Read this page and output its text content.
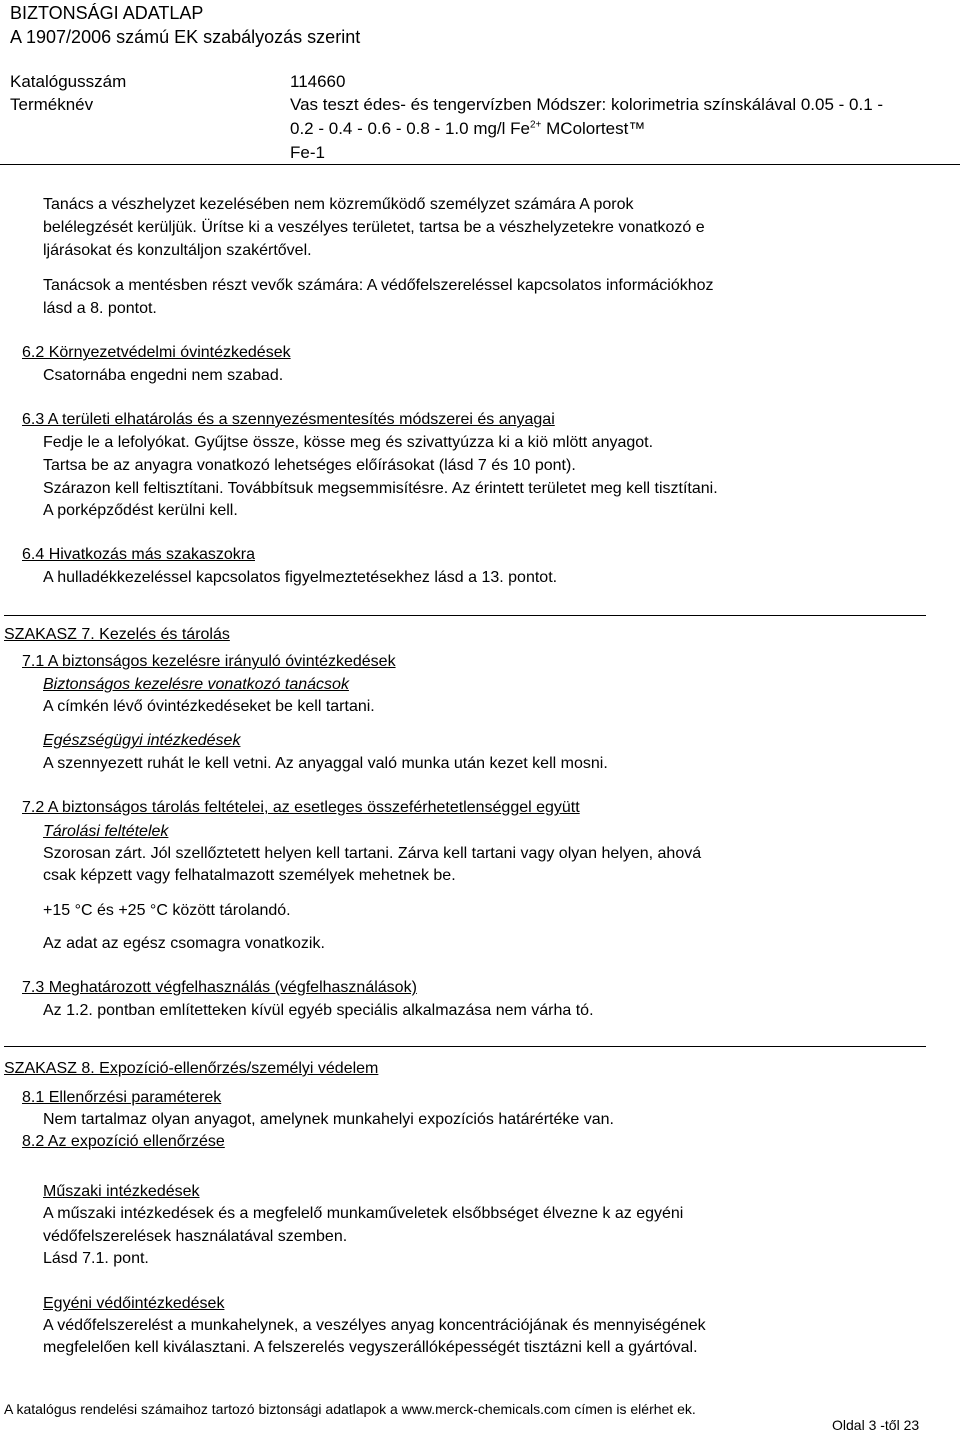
BIZTONSÁGI ADATLAP
A 1907/2006 számú EK szabályozás szerint
Katalógusszám	114660
Terméknév	Vas teszt édes- és tengervízben Módszer: kolorimetria színskálával 0.05 - 0.1 -
0.2 - 0.4 - 0.6 - 0.8 - 1.0 mg/l $Fe^{2+}$ MColortest™
Fe-1
Tanács a vészhelyzet kezelésében nem közreműködő személyzet számára A porok
belélegzését kerüljük. Ürítse ki a veszélyes területet, tartsa be a vészhelyzetekre vonatkozó e
ljárásokat és konzultáljon szakértővel.
Tanácsok a mentésben részt vevők számára: A védőfelszereléssel kapcsolatos információkhoz
lásd a 8. pontot.
6.2 Környezetvédelmi óvintézkedések
Csatornába engedni nem szabad.
6.3 A területi elhatárolás és a szennyezésmentesítés módszerei és anyagai
Fedje le a lefolyókat. Gyűjtse össze, kösse meg és szivattyúzza ki a kiö mlött anyagot.
Tartsa be az anyagra vonatkozó lehetséges előírásokat (lásd 7 és 10 pont).
Szárazon kell feltisztítani. Továbbítsuk megsemmisítésre. Az érintett területet meg kell tisztítani.
A porképződést kerülni kell.
6.4 Hivatkozás más szakaszokra
A hulladékkezeléssel kapcsolatos figyelmeztetésekhez lásd a 13. pontot.
SZAKASZ 7. Kezelés és tárolás
7.1 A biztonságos kezelésre irányuló óvintézkedések
Biztonságos kezelésre vonatkozó tanácsok
A címkén lévő óvintézkedéseket be kell tartani.
Egészségügyi intézkedések
A szennyezett ruhát le kell vetni. Az anyaggal való munka után kezet kell mosni.
7.2 A biztonságos tárolás feltételei, az esetleges összeférhetetlenséggel együtt
Tárolási feltételek
Szorosan zárt. Jól szellőztetett helyen kell tartani. Zárva kell tartani vagy olyan helyen, ahová
csak képzett vagy felhatalmazott személyek mehetnek be.
+15 °C és +25 °C között tárolandó.
Az adat az egész csomagra vonatkozik.
7.3 Meghatározott végfelhasználás (végfelhasználások)
Az 1.2. pontban említetteken kívül egyéb speciális alkalmazása nem várha tó.
SZAKASZ 8. Expozíció-ellenőrzés/személyi védelem
8.1 Ellenőrzési paraméterek
Nem tartalmaz olyan anyagot, amelynek munkahelyi expozíciós határértéke van.
8.2 Az expozíció ellenőrzése
Műszaki intézkedések
A műszaki intézkedések és a megfelelő munkaműveletek elsőbbséget élvezne k az egyéni
védőfelszerelések használatával szemben.
Lásd 7.1. pont.
Egyéni védőintézkedések
A védőfelszerelést a munkahelynek, a veszélyes anyag koncentrációjának és mennyiségének
megfelelően kell kiválasztani. A felszerelés vegyszerállóképességét tisztázni kell a gyártóval.
A katalógus rendelési számaihoz tartozó biztonsági adatlapok a www.merck-chemicals.com címen is elérhet ek.
Oldal 3 -től 23
